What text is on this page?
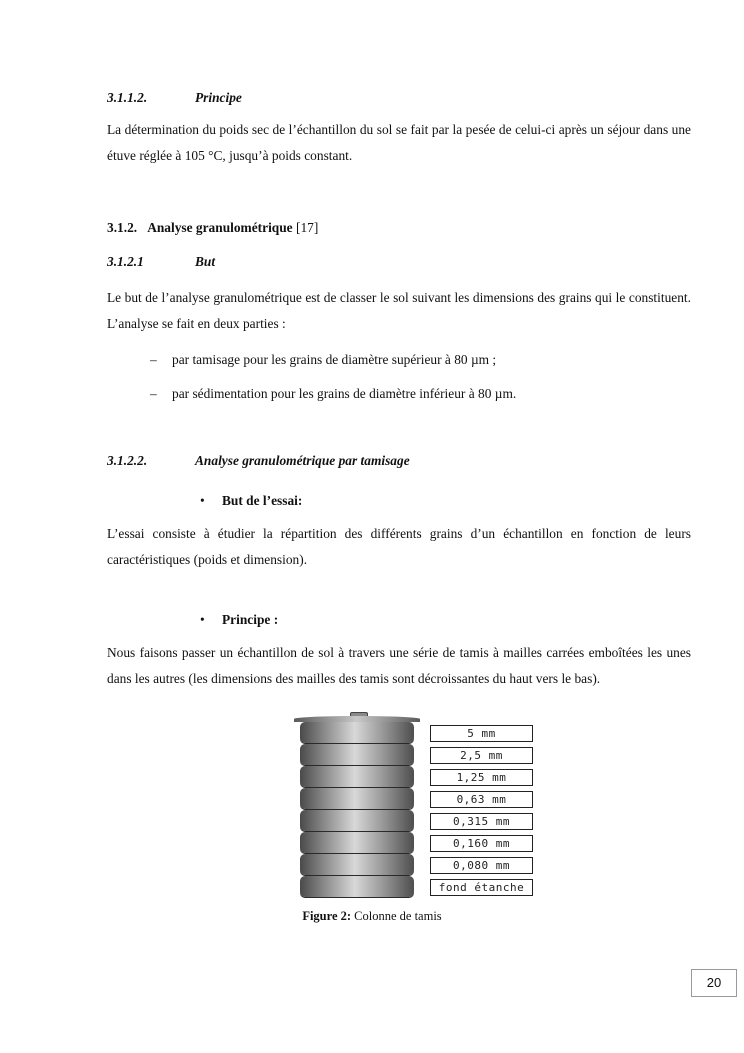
3.1.1.2.	Principe
La détermination du poids sec de l’échantillon du sol se fait par la pesée de celui-ci après un séjour dans une étuve réglée à 105 °C, jusqu’à poids constant.
3.1.2. Analyse granulométrique [17]
3.1.2.1	But
Le but de l’analyse granulométrique est de classer le sol suivant les dimensions des grains qui le constituent. L’analyse se fait en deux parties :
– par tamisage pour les grains de diamètre supérieur à 80 µm ;
– par sédimentation pour les grains de diamètre inférieur à 80 µm.
3.1.2.2.	Analyse granulométrique par tamisage
• But de l’essai:
L’essai consiste à étudier la répartition des différents grains d’un échantillon en fonction de leurs caractéristiques (poids et dimension).
• Principe :
Nous faisons passer un échantillon de sol à travers une série de tamis à mailles carrées emboîtées les unes dans les autres (les dimensions des mailles des tamis sont décroissantes du haut vers le bas).
5 mm
2,5 mm
1,25 mm
0,63 mm
0,315 mm
0,160 mm
0,080 mm
fond étanche
Figure 2: Colonne de tamis
20
